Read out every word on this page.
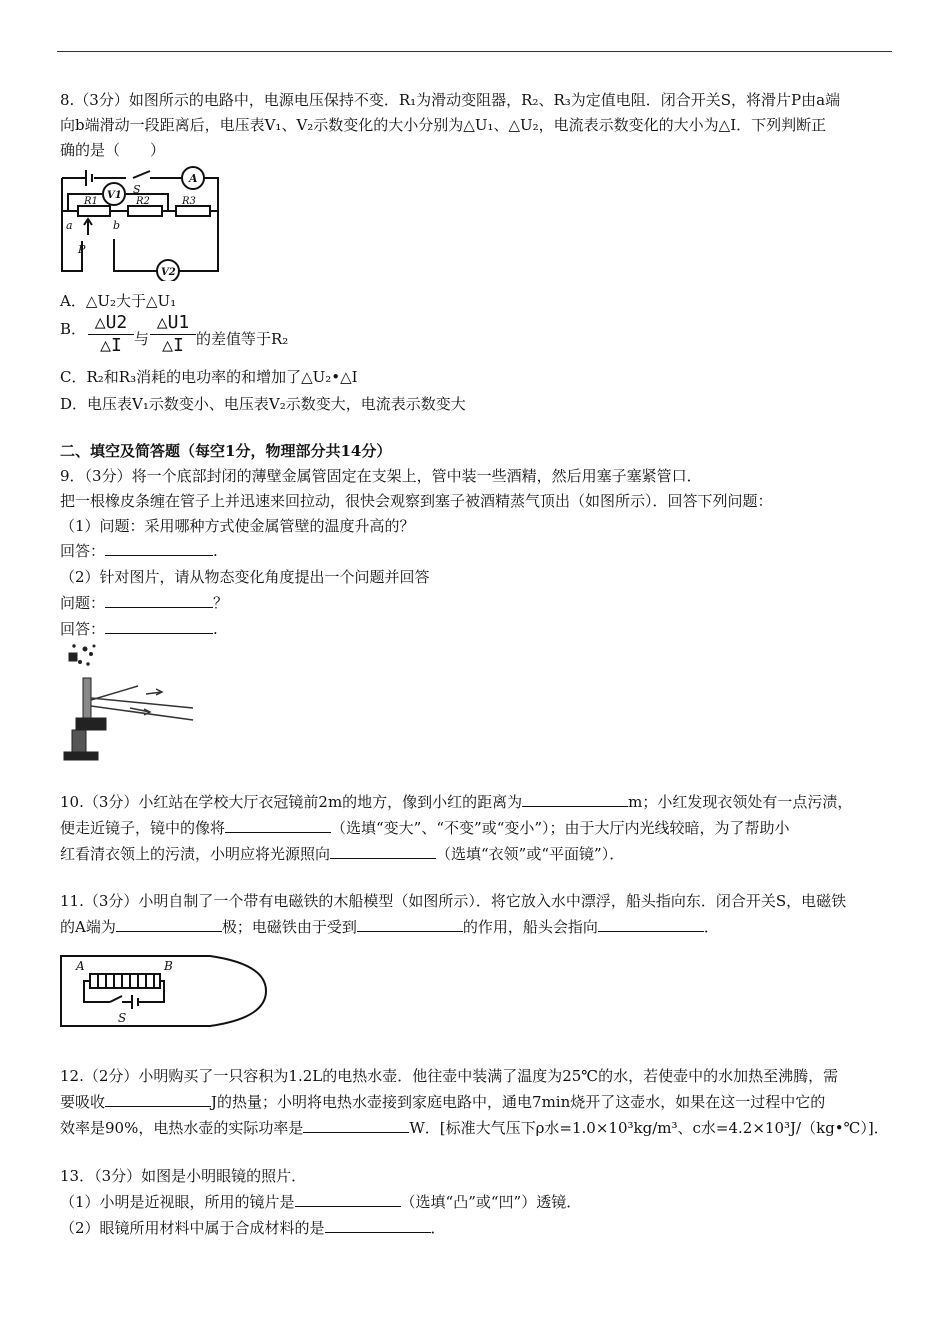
8.（3分）如图所示的电路中，电源电压保持不变．R₁为滑动变阻器，R₂、R₃为定值电阻．闭合开关S，将滑片P由a端
向b端滑动一段距离后，电压表V₁、V₂示数变化的大小分别为△U₁、△U₂，电流表示数变化的大小为△I．下列判断正
确的是（　　）
S
A
V1
V2
R1	R2	R3
a	b
P
A．△U₂大于△U₁
B． △U2
△I 与
△U1
△I 的差值等于R₂
C．R₂和R₃消耗的电功率的和增加了△U₂•△I
D．电压表V₁示数变小、电压表V₂示数变大，电流表示数变大
二、填空及简答题（每空1分，物理部分共14分）
9．（3分）将一个底部封闭的薄壁金属管固定在支架上，管中装一些酒精，然后用塞子塞紧管口．
把一根橡皮条缠在管子上并迅速来回拉动，很快会观察到塞子被酒精蒸气顶出（如图所示）．回答下列问题：
（1）问题：采用哪种方式使金属管壁的温度升高的？
回答：	.
（2）针对图片，请从物态变化角度提出一个问题并回答
问题：	？
回答：	.
10.（3分）小红站在学校大厅衣冠镜前2m的地方，像到小红的距离为	m；小红发现衣领处有一点污渍，
便走近镜子，镜中的像将	（选填“变大”、“不变”或“变小”）；由于大厅内光线较暗，为了帮助小
红看清衣领上的污渍，小明应将光源照向	（选填“衣领”或“平面镜”）．
11.（3分）小明自制了一个带有电磁铁的木船模型（如图所示）．将它放入水中漂浮，船头指向东．闭合开关S，电磁铁
的A端为	极；电磁铁由于受到	的作用，船头会指向	．
A	B
S
12.（2分）小明购买了一只容积为1.2L的电热水壶．他往壶中装满了温度为25℃的水，若使壶中的水加热至沸腾，需
要吸收	J的热量；小明将电热水壶接到家庭电路中，通电7min烧开了这壶水，如果在这一过程中它的
效率是90%，电热水壶的实际功率是	W．[标准大气压下ρ水=1.0×10³kg/m³、c水=4.2×10³J/（kg•℃）]．
13．（3分）如图是小明眼镜的照片．
（1）小明是近视眼，所用的镜片是	（选填“凸”或“凹”）透镜．
（2）眼镜所用材料中属于合成材料的是	．
